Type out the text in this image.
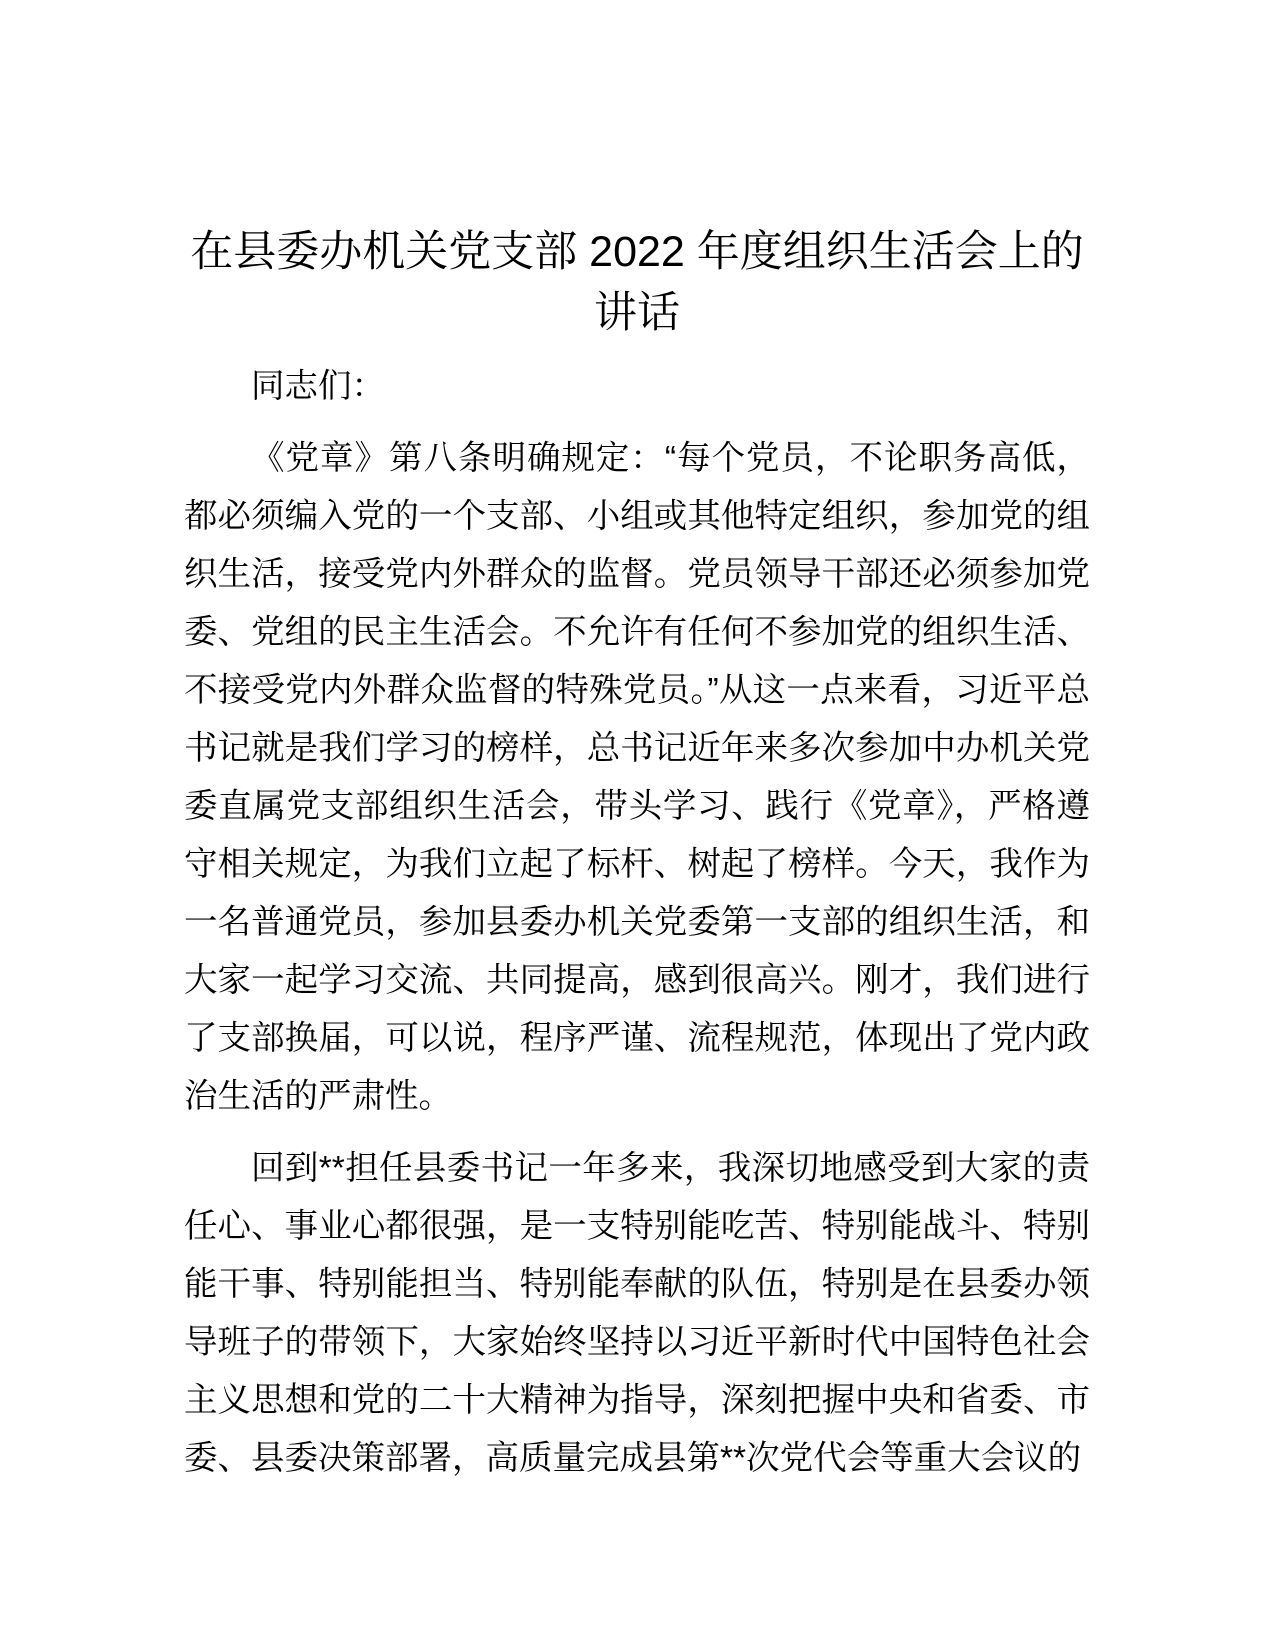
在县委办机关党支部 2022 年度组织生活会上的讲话

同志们：

《党章》第八条明确规定：“每个党员，不论职务高低，都必须编入党的一个支部、小组或其他特定组织，参加党的组织生活，接受党内外群众的监督。党员领导干部还必须参加党委、党组的民主生活会。不允许有任何不参加党的组织生活、不接受党内外群众监督的特殊党员。”从这一点来看，习近平总书记就是我们学习的榜样，总书记近年来多次参加中办机关党委直属党支部组织生活会，带头学习、践行《党章》，严格遵守相关规定，为我们立起了标杆、树起了榜样。今天，我作为一名普通党员，参加县委办机关党委第一支部的组织生活，和大家一起学习交流、共同提高，感到很高兴。刚才，我们进行了支部换届，可以说，程序严谨、流程规范，体现出了党内政治生活的严肃性。

回到**担任县委书记一年多来，我深切地感受到大家的责任心、事业心都很强，是一支特别能吃苦、特别能战斗、特别能干事、特别能担当、特别能奉献的队伍，特别是在县委办领导班子的带领下，大家始终坚持以习近平新时代中国特色社会主义思想和党的二十大精神为指导，深刻把握中央和省委、市委、县委决策部署，高质量完成县第**次党代会等重大会议的
